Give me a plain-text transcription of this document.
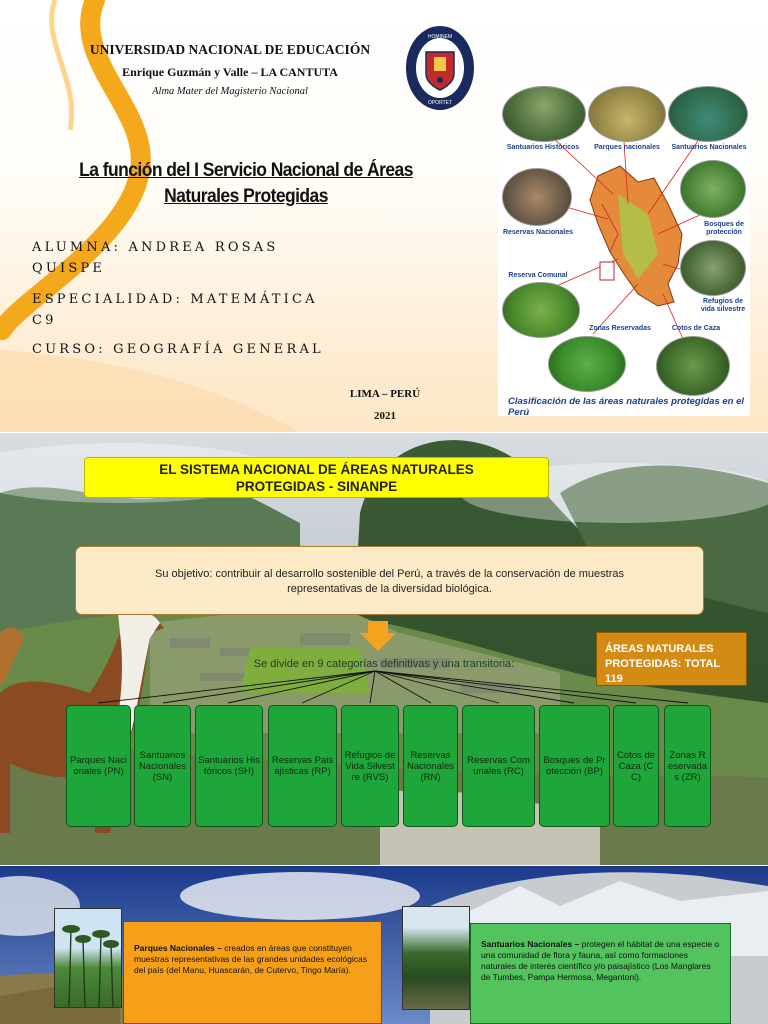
UNIVERSIDAD NACIONAL DE EDUCACIÓN
Enrique Guzmán y Valle – LA CANTUTA
Alma Mater del Magisterio Nacional
HOMINEM
OPORTET
La función del I Servicio Nacional de Áreas
Naturales Protegidas
ALUMNA: ANDREA ROSAS
QUISPE
ESPECIALIDAD: MATEMÁTICA
C9
CURSO: GEOGRAFÍA GENERAL
LIMA – PERÚ
2021
Santuarios Históricos	Parques nacionales	Santuarios Nacionales
Reservas Nacionales
Bosques de protección
Reserva Comunal
Refugios de vida silvestre
Zonas Reservadas	Cotos de Caza
Clasificación de las áreas naturales protegidas en el Perú
EL SISTEMA NACIONAL DE ÁREAS NATURALES
PROTEGIDAS - SINANPE
Su objetivo: contribuir al desarrollo sostenible del Perú, a través de la conservación de muestras
representativas de la diversidad biológica.
ÁREAS NATURALES
PROTEGIDAS: TOTAL 119
Se divide en 9 categorías definitivas y una transitoria:
Parques Nacionales (PN)
Santuarios Nacionales (SN)
Santuarios Históricos (SH)
Reservas Paisajísticas (RP)
Refugios de Vida Silvestre (RVS)
Reservas Nacionales (RN)
Reservas Comunales (RC)
Bosques de Protección (BP)
Cotos de Caza (CC)
Zonas Reservadas (ZR)
Parques Nacionales – creados en áreas que constituyen muestras representativas de las grandes unidades ecológicas del país (del Manu, Huascarán, de Cutervo, Tingo María).
Santuarios Nacionales – protegen el hábitat de una especie o una comunidad de flora y fauna, así como formaciones naturales de interés científico y/o paisajístico (Los Manglares de Tumbes, Pampa Hermosa, Megantoni).
